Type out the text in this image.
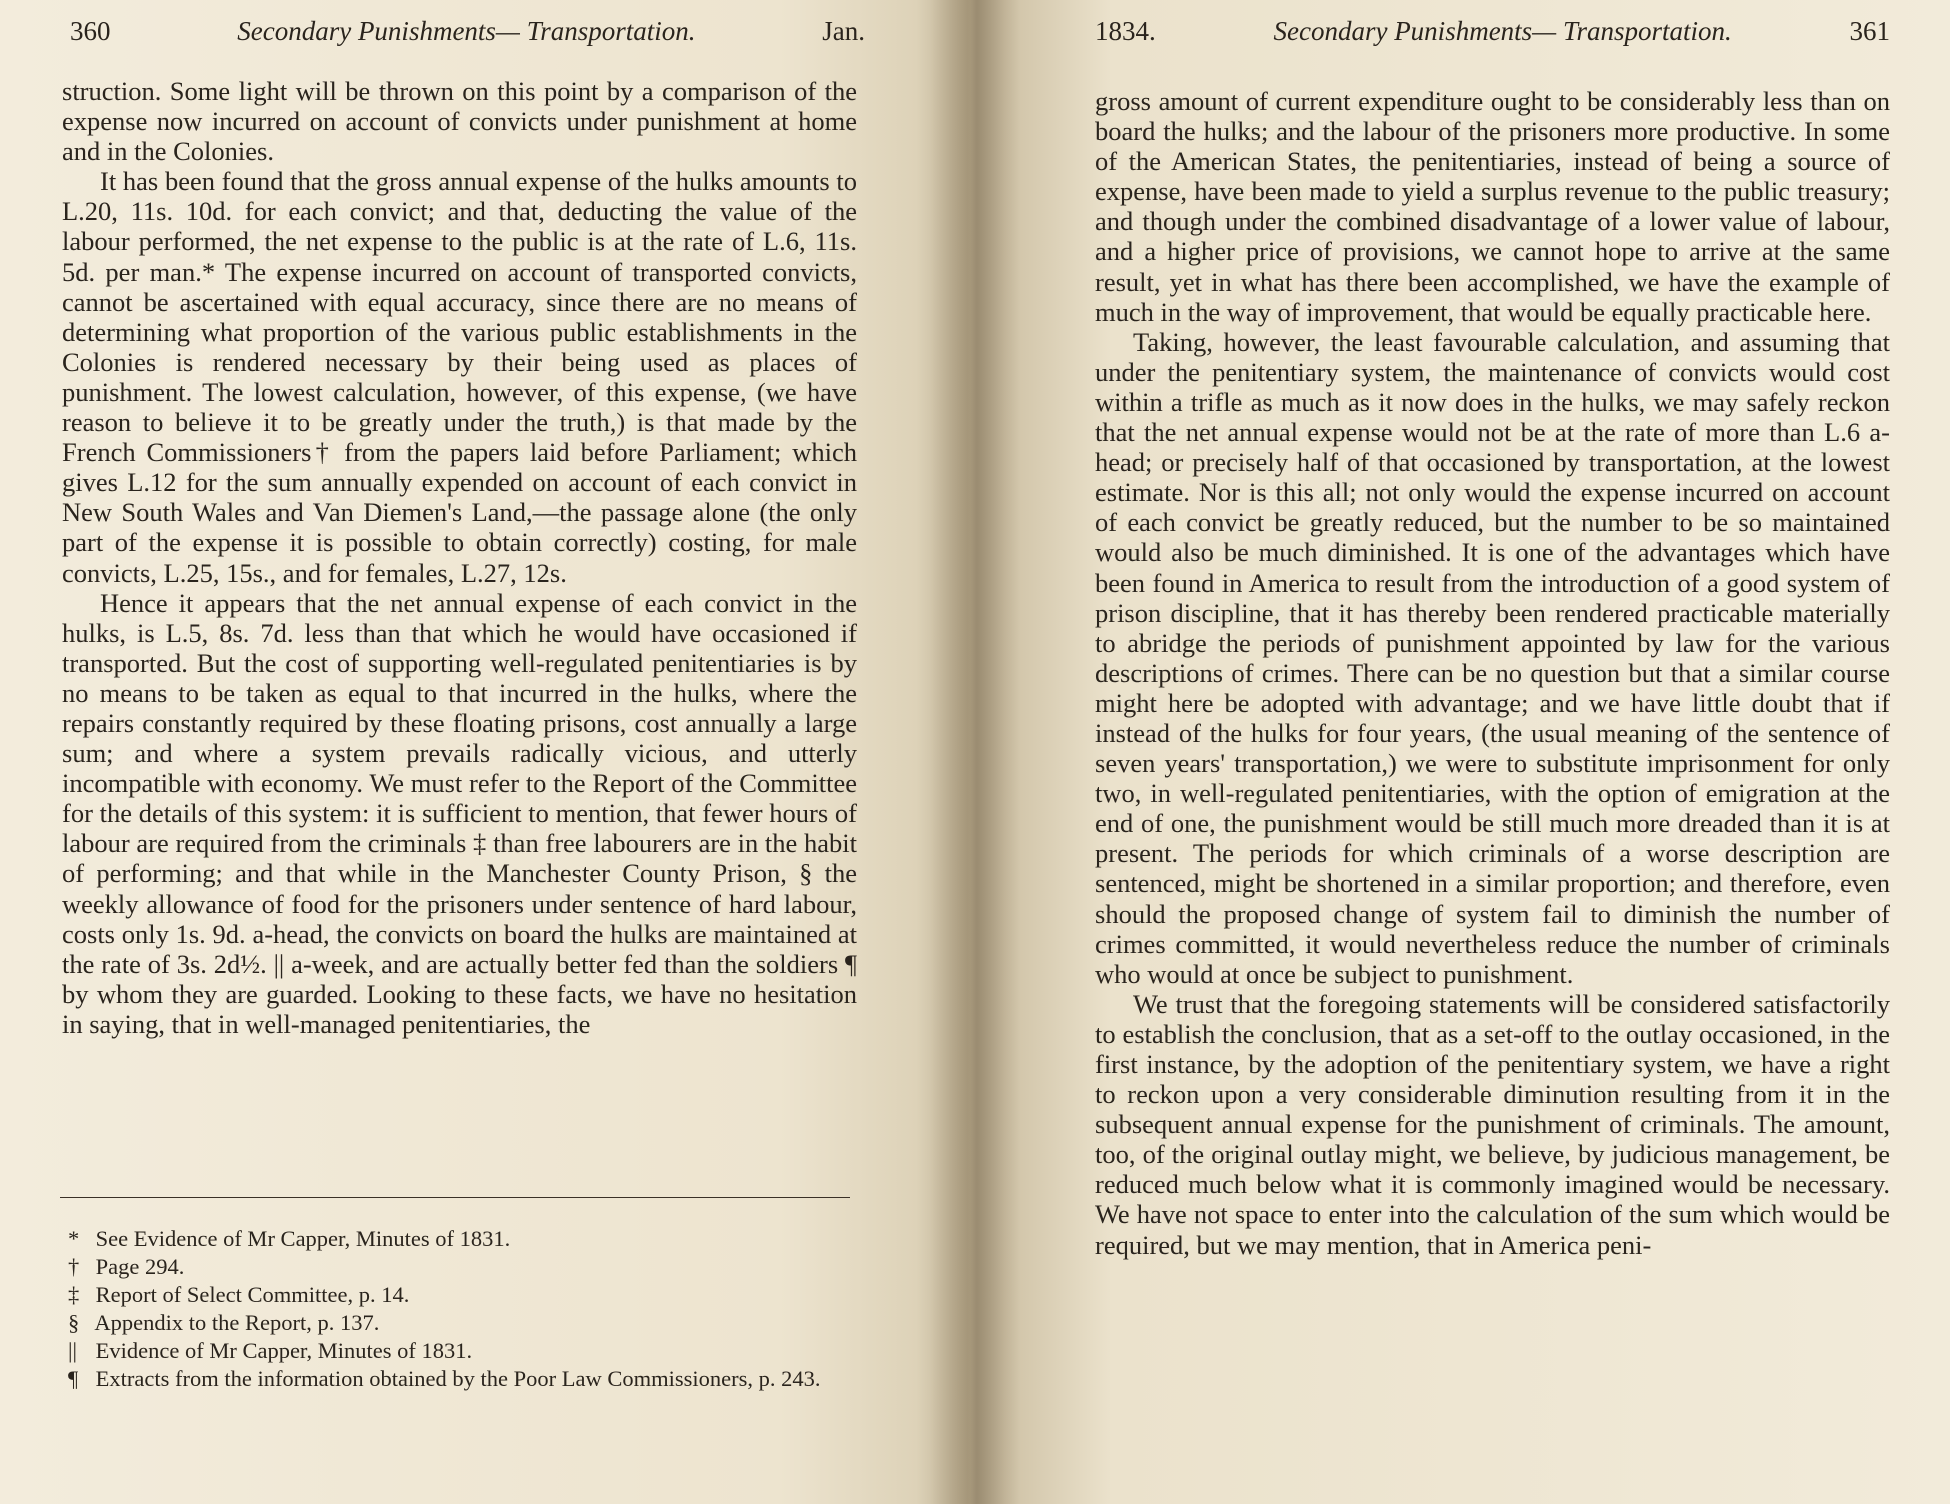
360	Secondary Punishments— Transportation.	Jan.

struction. Some light will be thrown on this point by a comparison of the expense now incurred on account of convicts under punishment at home and in the Colonies.

It has been found that the gross annual expense of the hulks amounts to L.20, 11s. 10d. for each convict; and that, deducting the value of the labour performed, the net expense to the public is at the rate of L.6, 11s. 5d. per man.* The expense incurred on account of transported convicts, cannot be ascertained with equal accuracy, since there are no means of determining what proportion of the various public establishments in the Colonies is rendered necessary by their being used as places of punishment. The lowest calculation, however, of this expense, (we have reason to believe it to be greatly under the truth,) is that made by the French Commissioners† from the papers laid before Parliament; which gives L.12 for the sum annually expended on account of each convict in New South Wales and Van Diemen's Land,—the passage alone (the only part of the expense it is possible to obtain correctly) costing, for male convicts, L.25, 15s., and for females, L.27, 12s.

Hence it appears that the net annual expense of each convict in the hulks, is L.5, 8s. 7d. less than that which he would have occasioned if transported. But the cost of supporting well-regulated penitentiaries is by no means to be taken as equal to that incurred in the hulks, where the repairs constantly required by these floating prisons, cost annually a large sum; and where a system prevails radically vicious, and utterly incompatible with economy. We must refer to the Report of the Committee for the details of this system: it is sufficient to mention, that fewer hours of labour are required from the criminals ‡ than free labourers are in the habit of performing; and that while in the Manchester County Prison, § the weekly allowance of food for the prisoners under sentence of hard labour, costs only 1s. 9d. a-head, the convicts on board the hulks are maintained at the rate of 3s. 2d½. || a-week, and are actually better fed than the soldiers ¶ by whom they are guarded. Looking to these facts, we have no hesitation in saying, that in well-managed penitentiaries, the

* See Evidence of Mr Capper, Minutes of 1831.

† Page 294.

‡ Report of Select Committee, p. 14.

§ Appendix to the Report, p. 137.

|| Evidence of Mr Capper, Minutes of 1831.

¶ Extracts from the information obtained by the Poor Law Commissioners, p. 243.

1834.	Secondary Punishments— Transportation.	361

gross amount of current expenditure ought to be considerably less than on board the hulks; and the labour of the prisoners more productive. In some of the American States, the penitentiaries, instead of being a source of expense, have been made to yield a surplus revenue to the public treasury; and though under the combined disadvantage of a lower value of labour, and a higher price of provisions, we cannot hope to arrive at the same result, yet in what has there been accomplished, we have the example of much in the way of improvement, that would be equally practicable here.

Taking, however, the least favourable calculation, and assuming that under the penitentiary system, the maintenance of convicts would cost within a trifle as much as it now does in the hulks, we may safely reckon that the net annual expense would not be at the rate of more than L.6 a-head; or precisely half of that occasioned by transportation, at the lowest estimate. Nor is this all; not only would the expense incurred on account of each convict be greatly reduced, but the number to be so maintained would also be much diminished. It is one of the advantages which have been found in America to result from the introduction of a good system of prison discipline, that it has thereby been rendered practicable materially to abridge the periods of punishment appointed by law for the various descriptions of crimes. There can be no question but that a similar course might here be adopted with advantage; and we have little doubt that if instead of the hulks for four years, (the usual meaning of the sentence of seven years' transportation,) we were to substitute imprisonment for only two, in well-regulated penitentiaries, with the option of emigration at the end of one, the punishment would be still much more dreaded than it is at present. The periods for which criminals of a worse description are sentenced, might be shortened in a similar proportion; and therefore, even should the proposed change of system fail to diminish the number of crimes committed, it would nevertheless reduce the number of criminals who would at once be subject to punishment.

We trust that the foregoing statements will be considered satisfactorily to establish the conclusion, that as a set-off to the outlay occasioned, in the first instance, by the adoption of the penitentiary system, we have a right to reckon upon a very considerable diminution resulting from it in the subsequent annual expense for the punishment of criminals. The amount, too, of the original outlay might, we believe, by judicious management, be reduced much below what it is commonly imagined would be necessary. We have not space to enter into the calculation of the sum which would be required, but we may mention, that in America peni-
